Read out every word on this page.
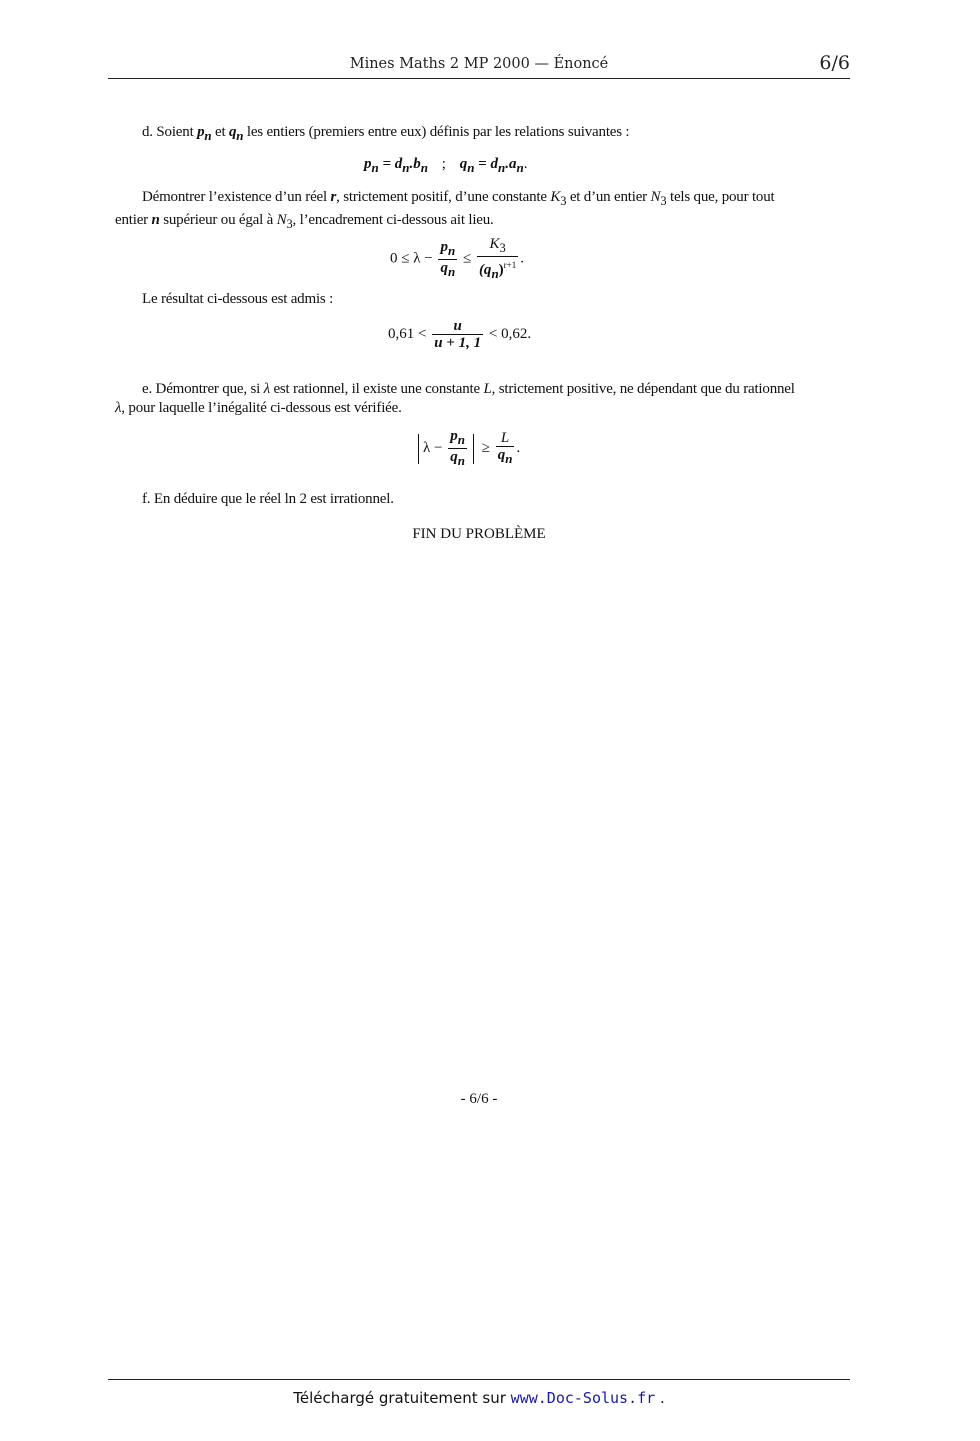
Mines Maths 2 MP 2000 — Énoncé	6/6
d. Soient $p_n$ et $q_n$ les entiers (premiers entre eux) définis par les relations suivantes :
$p_n = d_n.b_n$ ; $q_n = d_n.a_n$.
Démontrer l’existence d’un réel r, strictement positif, d’une constante $K_3$ et d’un entier $N_3$ tels que, pour tout entier n supérieur ou égal à $N_3$, l’encadrement ci-dessous ait lieu.
$0 \le \lambda - \frac{p_n}{q_n} \le \frac{K_3}{(q_n)^{r+1}}$ .
Le résultat ci-dessous est admis :
$0,61 < \frac{u}{u + 1, 1} < 0,62$.
e. Démontrer que, si λ est rationnel, il existe une constante L, strictement positive, ne dépendant que du rationnel λ, pour laquelle l’inégalité ci-dessous est vérifiée.
$\lambda - \frac{p_n}{q_n} \ge \frac{L}{q_n}$ .
f. En déduire que le réel ln 2 est irrationnel.
FIN DU PROBLÈME
- 6/6 -
Téléchargé gratuitement sur www.Doc-Solus.fr .
